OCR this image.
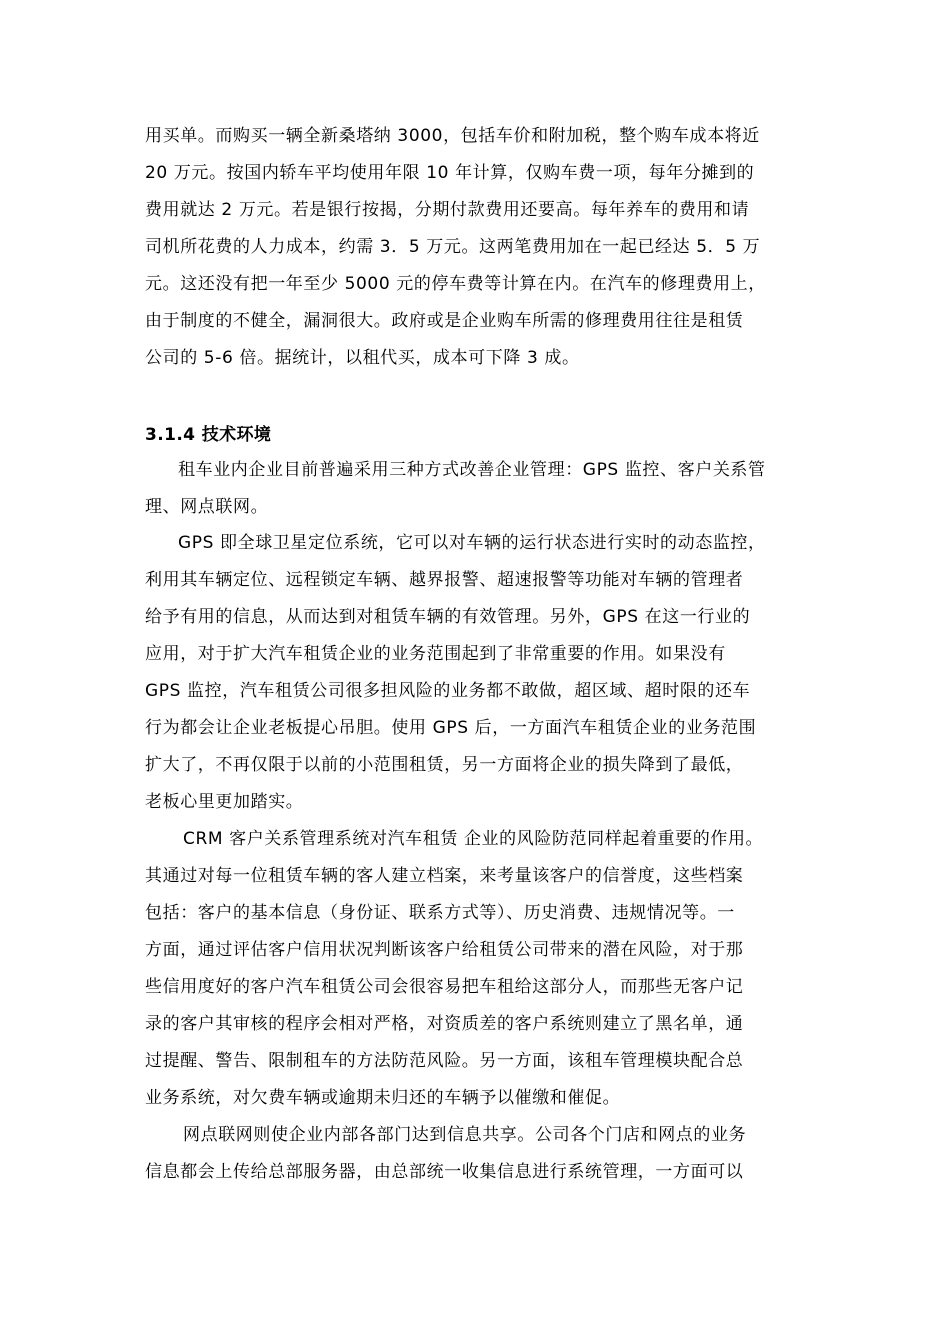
用买单。而购买一辆全新桑塔纳 3000，包括车价和附加税，整个购车成本将近
20 万元。按国内轿车平均使用年限 10 年计算，仅购车费一项，每年分摊到的
费用就达 2 万元。若是银行按揭，分期付款费用还要高。每年养车的费用和请
司机所花费的人力成本，约需 3．5 万元。这两笔费用加在一起已经达 5．5 万
元。这还没有把一年至少 5000 元的停车费等计算在内。在汽车的修理费用上，
由于制度的不健全，漏洞很大。政府或是企业购车所需的修理费用往往是租赁
公司的 5-6 倍。据统计，以租代买，成本可下降 3 成。
3.1.4 技术环境
租车业内企业目前普遍采用三种方式改善企业管理：GPS 监控、客户关系管
理、网点联网。
GPS 即全球卫星定位系统，它可以对车辆的运行状态进行实时的动态监控，
利用其车辆定位、远程锁定车辆、越界报警、超速报警等功能对车辆的管理者
给予有用的信息，从而达到对租赁车辆的有效管理。另外，GPS 在这一行业的
应用，对于扩大汽车租赁企业的业务范围起到了非常重要的作用。如果没有
GPS 监控，汽车租赁公司很多担风险的业务都不敢做，超区域、超时限的还车
行为都会让企业老板提心吊胆。使用 GPS 后，一方面汽车租赁企业的业务范围
扩大了，不再仅限于以前的小范围租赁，另一方面将企业的损失降到了最低，
老板心里更加踏实。
CRM 客户关系管理系统对汽车租赁 企业的风险防范同样起着重要的作用。
其通过对每一位租赁车辆的客人建立档案，来考量该客户的信誉度，这些档案
包括：客户的基本信息（身份证、联系方式等）、历史消费、违规情况等。一
方面，通过评估客户信用状况判断该客户给租赁公司带来的潜在风险，对于那
些信用度好的客户汽车租赁公司会很容易把车租给这部分人，而那些无客户记
录的客户其审核的程序会相对严格，对资质差的客户系统则建立了黑名单，通
过提醒、警告、限制租车的方法防范风险。另一方面，该租车管理模块配合总
业务系统，对欠费车辆或逾期未归还的车辆予以催缴和催促。
网点联网则使企业内部各部门达到信息共享。公司各个门店和网点的业务
信息都会上传给总部服务器，由总部统一收集信息进行系统管理，一方面可以
